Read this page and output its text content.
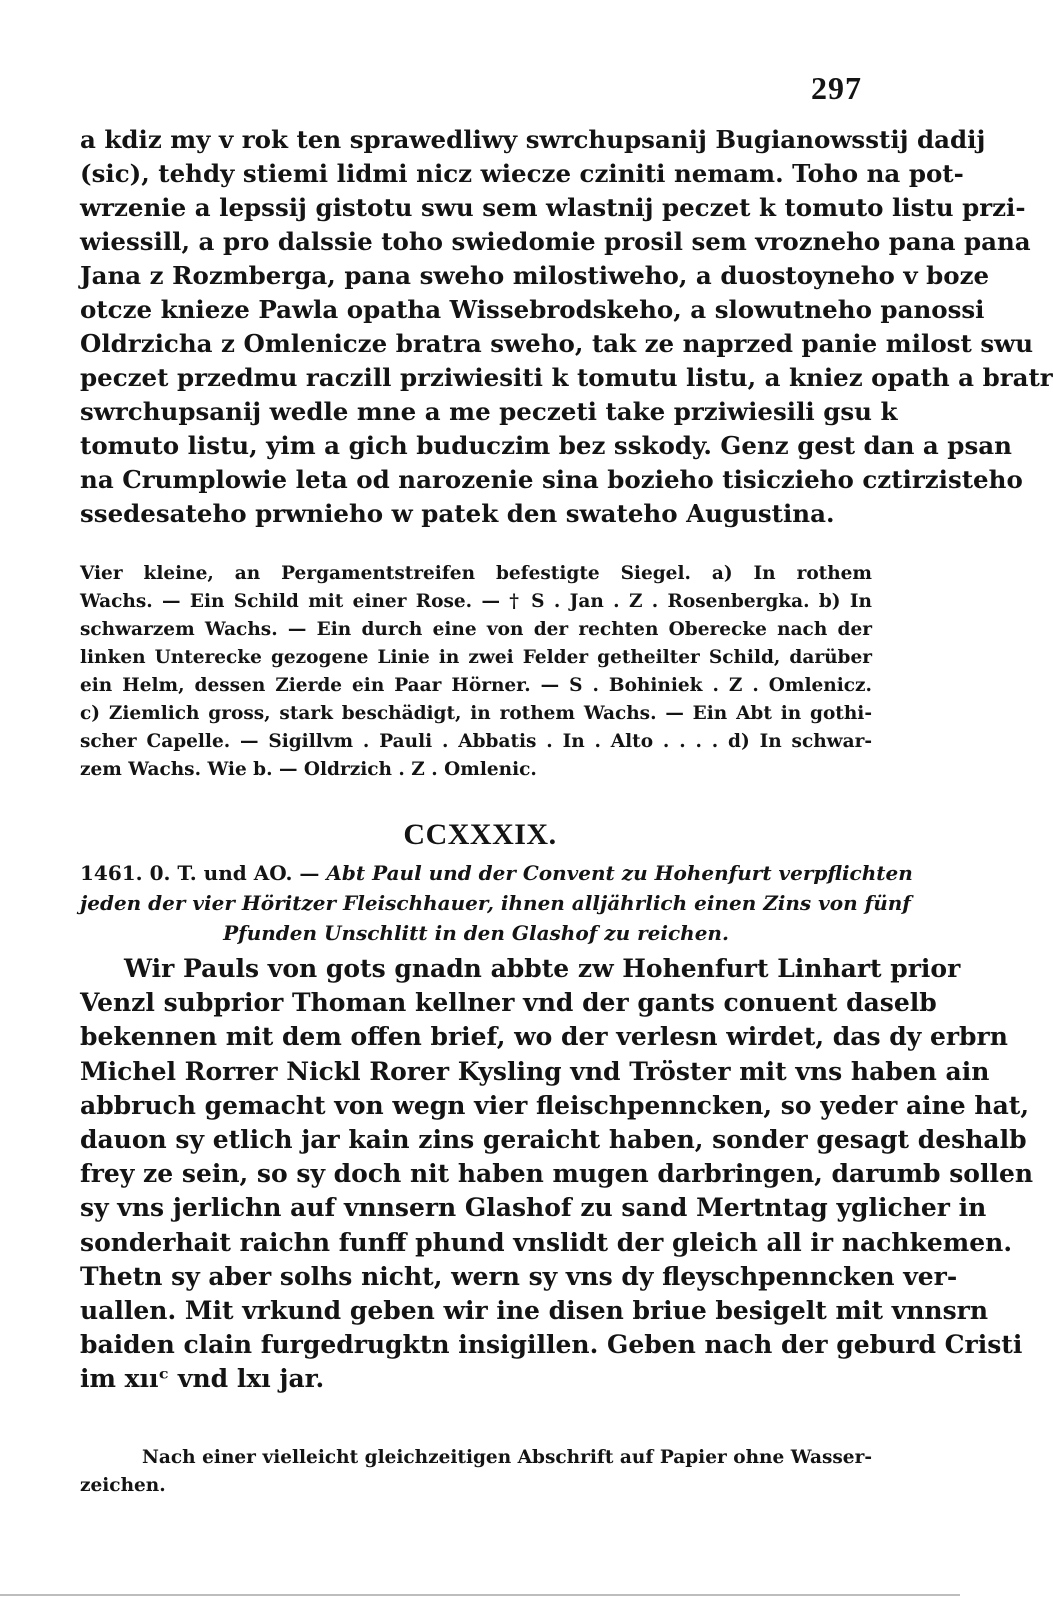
297
a kdiz my v rok ten sprawedliwy swrchupsanij Bugianowsstij dadij
(sic), tehdy stiemi lidmi nicz wiecze cziniti nemam. Toho na pot-
wrzenie a lepssij gistotu swu sem wlastnij peczet k tomuto listu przi-
wiessill, a pro dalssie toho swiedomie prosil sem vrozneho pana pana
Jana z Rozmberga, pana sweho milostiweho, a duostoyneho v boze
otcze knieze Pawla opatha Wissebrodskeho, a slowutneho panossi
Oldrzicha z Omlenicze bratra sweho, tak ze naprzed panie milost swu
peczet przedmu raczill prziwiesiti k tomutu listu, a kniez opath a bratr
swrchupsanij wedle mne a me peczeti take prziwiesili gsu k
tomuto listu, yim a gich buduczim bez sskody. Genz gest dan a psan
na Crumplowie leta od narozenie sina bozieho tisiczieho cztirzisteho
ssedesateho prwnieho w patek den swateho Augustina.
Vier kleine, an Pergamentstreifen befestigte Siegel. a) In rothem
Wachs. — Ein Schild mit einer Rose. — † S . Jan . Z . Rosenbergka. b) In
schwarzem Wachs. — Ein durch eine von der rechten Oberecke nach der
linken Unterecke gezogene Linie in zwei Felder getheilter Schild, darüber
ein Helm, dessen Zierde ein Paar Hörner. — S . Bohiniek . Z . Omlenicz.
c) Ziemlich gross, stark beschädigt, in rothem Wachs. — Ein Abt in gothi-
scher Capelle. — Sigillvm . Pauli . Abbatis . In . Alto . . . . d) In schwar-
zem Wachs. Wie b. — Oldrzich . Z . Omlenic.
CCXXXIX.
1461. 0. T. und AO. — Abt Paul und der Convent zu Hohenfurt verpflichten
jeden der vier Höritzer Fleischhauer, ihnen alljährlich einen Zins von fünf
Pfunden Unschlitt in den Glashof zu reichen.
Wir Pauls von gots gnadn abbte zw Hohenfurt Linhart prior
Venzl subprior Thoman kellner vnd der gants conuent daselb
bekennen mit dem offen brief, wo der verlesn wirdet, das dy erbrn
Michel Rorrer Nickl Rorer Kysling vnd Tröster mit vns haben ain
abbruch gemacht von wegn vier fleischpenncken, so yeder aine hat,
dauon sy etlich jar kain zins geraicht haben, sonder gesagt deshalb
frey ze sein, so sy doch nit haben mugen darbringen, darumb sollen
sy vns jerlichn auf vnnsern Glashof zu sand Mertntag yglicher in
sonderhait raichn funff phund vnslidt der gleich all ir nachkemen.
Thetn sy aber solhs nicht, wern sy vns dy fleyschpenncken ver-
uallen. Mit vrkund geben wir ine disen briue besigelt mit vnnsrn
baiden clain furgedrugktn insigillen. Geben nach der geburd Cristi
im xııᶜ vnd lxı jar.
Nach einer vielleicht gleichzeitigen Abschrift auf Papier ohne Wasser-
zeichen.
